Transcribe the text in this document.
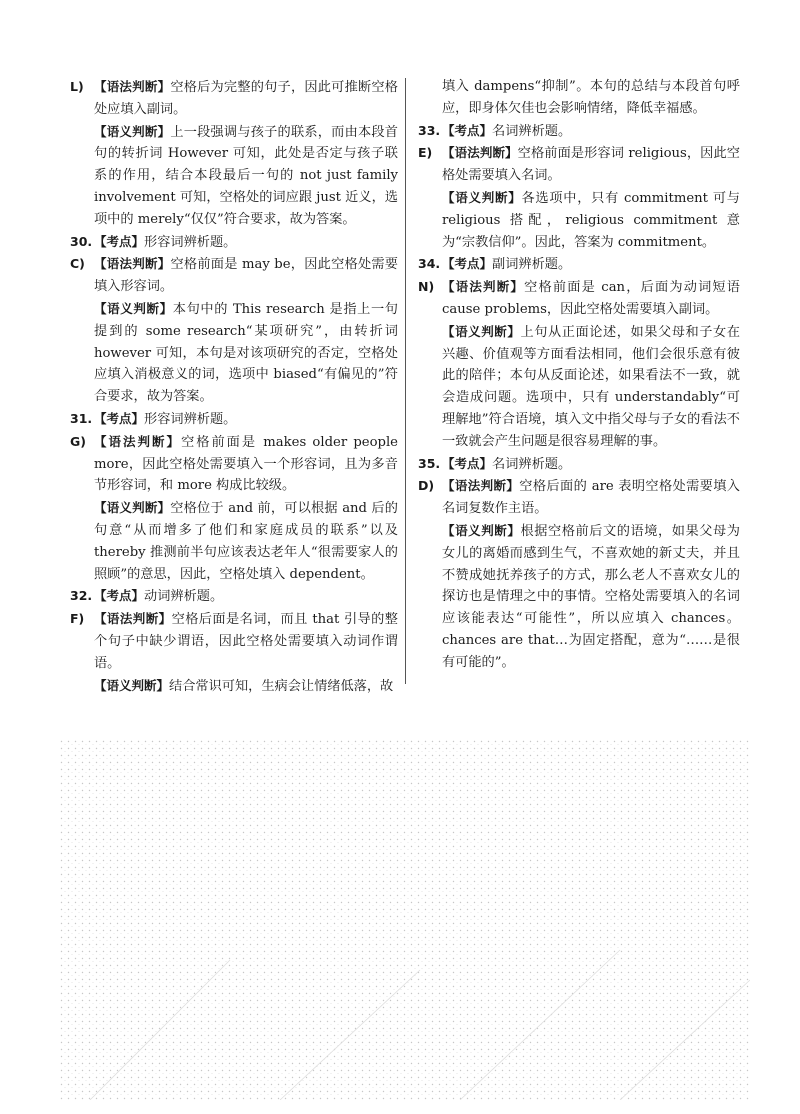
L) 【语法判断】空格后为完整的句子，因此可推断空格处应填入副词。
【语义判断】上一段强调与孩子的联系，而由本段首句的转折词 However 可知，此处是否定与孩子联系的作用，结合本段最后一句的 not just family involvement 可知，空格处的词应跟 just 近义，选项中的 merely“仅仅”符合要求，故为答案。
30. 【考点】形容词辨析题。
C) 【语法判断】空格前面是 may be，因此空格处需要填入形容词。
【语义判断】本句中的 This research 是指上一句提到的 some research“某项研究”，由转折词 however 可知，本句是对该项研究的否定，空格处应填入消极意义的词，选项中 biased“有偏见的”符合要求，故为答案。
31. 【考点】形容词辨析题。
G) 【语法判断】空格前面是 makes older people more，因此空格处需要填入一个形容词，且为多音节形容词，和 more 构成比较级。
【语义判断】空格位于 and 前，可以根据 and 后的句意“从而增多了他们和家庭成员的联系”以及 thereby 推测前半句应该表达老年人“很需要家人的照顾”的意思，因此，空格处填入 dependent。
32. 【考点】动词辨析题。
F) 【语法判断】空格后面是名词，而且 that 引导的整个句子中缺少谓语，因此空格处需要填入动词作谓语。
【语义判断】结合常识可知，生病会让情绪低落，故
填入 dampens“抑制”。本句的总结与本段首句呼应，即身体欠佳也会影响情绪，降低幸福感。
33. 【考点】名词辨析题。
E) 【语法判断】空格前面是形容词 religious，因此空格处需要填入名词。
【语义判断】各选项中，只有 commitment 可与 religious 搭配，religious commitment 意为“宗教信仰”。因此，答案为 commitment。
34. 【考点】副词辨析题。
N) 【语法判断】空格前面是 can，后面为动词短语 cause problems，因此空格处需要填入副词。
【语义判断】上句从正面论述，如果父母和子女在兴趣、价值观等方面看法相同，他们会很乐意有彼此的陪伴；本句从反面论述，如果看法不一致，就会造成问题。选项中，只有 understandably“可理解地”符合语境，填入文中指父母与子女的看法不一致就会产生问题是很容易理解的事。
35. 【考点】名词辨析题。
D) 【语法判断】空格后面的 are 表明空格处需要填入名词复数作主语。
【语义判断】根据空格前后文的语境，如果父母为女儿的离婚而感到生气，不喜欢她的新丈夫，并且不赞成她抚养孩子的方式，那么老人不喜欢女儿的探访也是情理之中的事情。空格处需要填入的名词应该能表达“可能性”，所以应填入 chances。chances are that…为固定搭配，意为“……是很有可能的”。
